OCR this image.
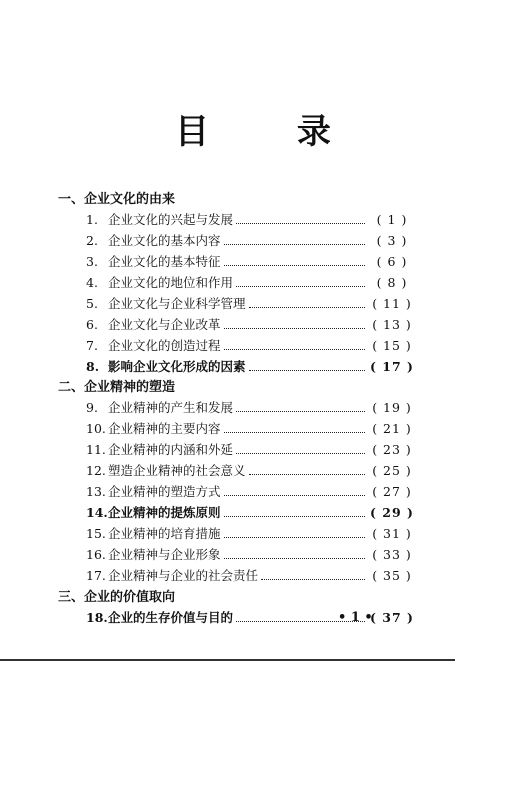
目 录
一、企业文化的由来
1. 企业文化的兴起与发展	( 1 )
2. 企业文化的基本内容	( 3 )
3. 企业文化的基本特征	( 6 )
4. 企业文化的地位和作用	( 8 )
5. 企业文化与企业科学管理	( 11 )
6. 企业文化与企业改革	( 13 )
7. 企业文化的创造过程	( 15 )
8. 影响企业文化形成的因素	( 17 )
二、企业精神的塑造
9. 企业精神的产生和发展	( 19 )
10. 企业精神的主要内容	( 21 )
11. 企业精神的内涵和外延	( 23 )
12. 塑造企业精神的社会意义	( 25 )
13. 企业精神的塑造方式	( 27 )
14. 企业精神的提炼原则	( 29 )
15. 企业精神的培育措施	( 31 )
16. 企业精神与企业形象	( 33 )
17. 企业精神与企业的社会责任	( 35 )
三、企业的价值取向
18. 企业的生存价值与目的	( 37 )
• 1 •
